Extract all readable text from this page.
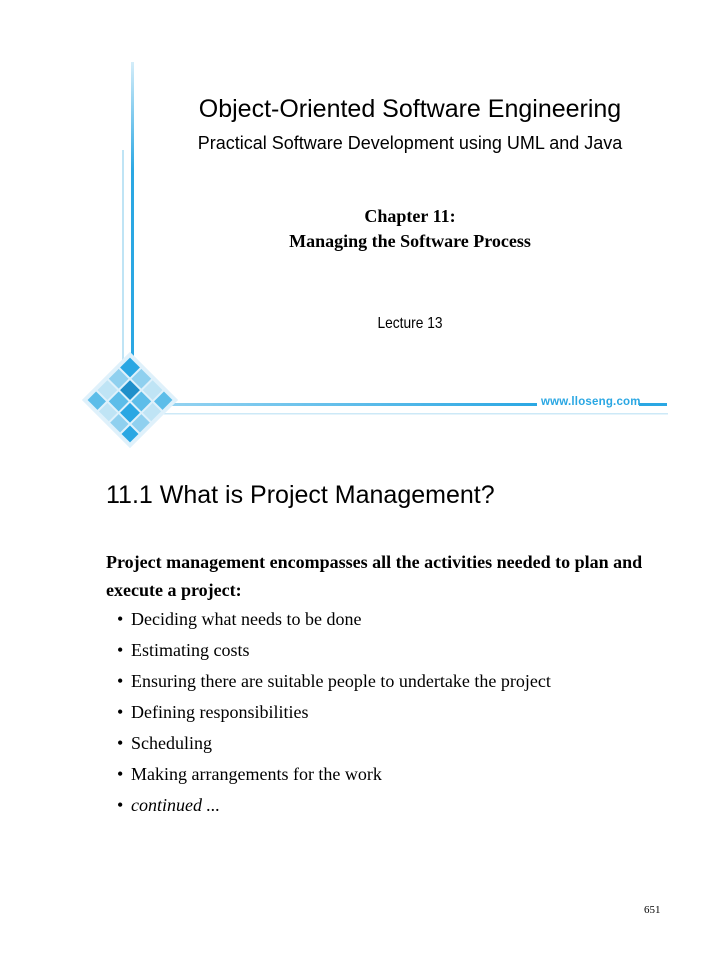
Object-Oriented Software Engineering
Practical Software Development using UML and Java
Chapter 11:
Managing the Software Process
Lecture 13
www.lloseng.com
11.1 What is Project Management?

Project management encompasses all the activities needed to plan and execute a project:

• Deciding what needs to be done
• Estimating costs
• Ensuring there are suitable people to undertake the project
• Defining responsibilities
• Scheduling
• Making arrangements for the work
• continued ...
651
